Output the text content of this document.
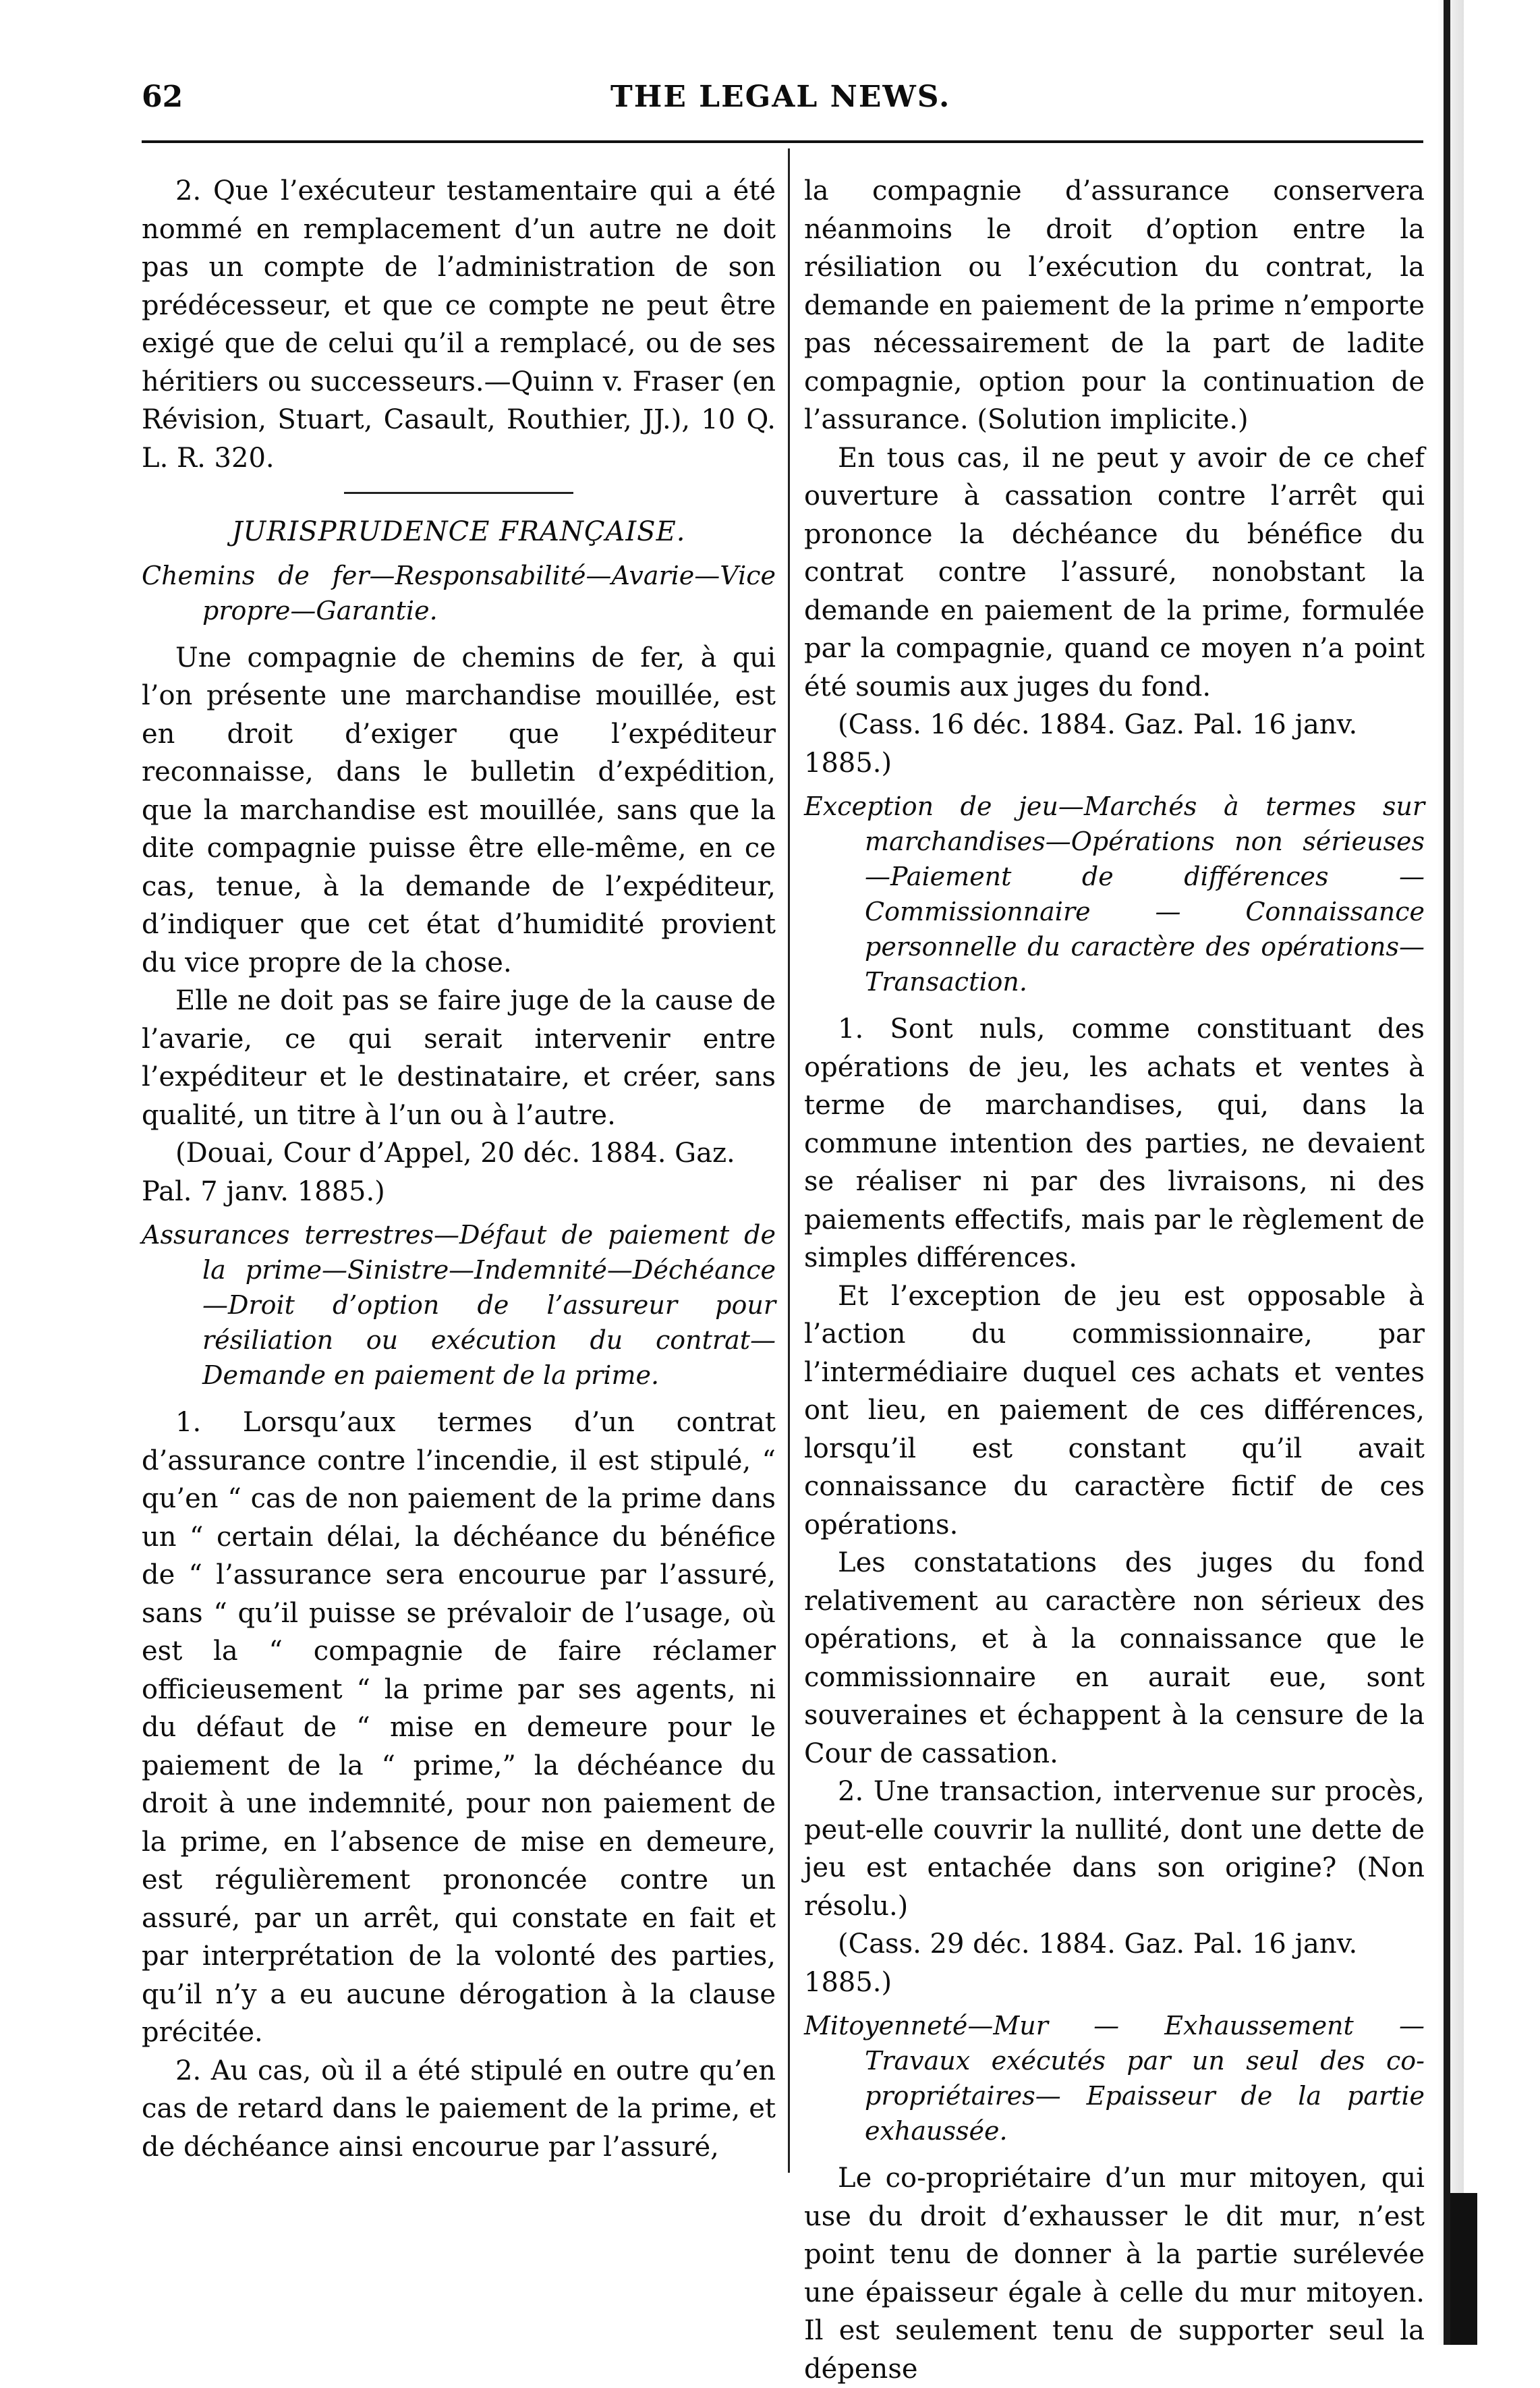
62	THE LEGAL NEWS.

2. Que l’exécuteur testamentaire qui a été nommé en remplacement d’un autre ne doit pas un compte de l’administration de son prédécesseur, et que ce compte ne peut être exigé que de celui qu’il a remplacé, ou de ses héritiers ou successeurs.—Quinn v. Fraser (en Révision, Stuart, Casault, Routhier, JJ.), 10 Q. L. R. 320.

JURISPRUDENCE FRANÇAISE.
Chemins de fer—Responsabilité—Avarie—Vice propre—Garantie.

Une compagnie de chemins de fer, à qui l’on présente une marchandise mouillée, est en droit d’exiger que l’expéditeur reconnaisse, dans le bulletin d’expédition, que la marchandise est mouillée, sans que la dite compagnie puisse être elle-même, en ce cas, tenue, à la demande de l’expéditeur, d’indiquer que cet état d’humidité provient du vice propre de la chose.

Elle ne doit pas se faire juge de la cause de l’avarie, ce qui serait intervenir entre l’expéditeur et le destinataire, et créer, sans qualité, un titre à l’un ou à l’autre.

(Douai, Cour d’Appel, 20 déc. 1884. Gaz. Pal. 7 janv. 1885.)

Assurances terrestres—Défaut de paiement de la prime—Sinistre—Indemnité—Déchéance—Droit d’option de l’assureur pour résiliation ou exécution du contrat—Demande en paiement de la prime.

1. Lorsqu’aux termes d’un contrat d’assurance contre l’incendie, il est stipulé, “ qu’en “ cas de non paiement de la prime dans un “ certain délai, la déchéance du bénéfice de “ l’assurance sera encourue par l’assuré, sans “ qu’il puisse se prévaloir de l’usage, où est la “ compagnie de faire réclamer officieusement “ la prime par ses agents, ni du défaut de “ mise en demeure pour le paiement de la “ prime,” la déchéance du droit à une indemnité, pour non paiement de la prime, en l’absence de mise en demeure, est régulièrement prononcée contre un assuré, par un arrêt, qui constate en fait et par interprétation de la volonté des parties, qu’il n’y a eu aucune dérogation à la clause précitée.

2. Au cas, où il a été stipulé en outre qu’en cas de retard dans le paiement de la prime, et de déchéance ainsi encourue par l’assuré,

la compagnie d’assurance conservera néanmoins le droit d’option entre la résiliation ou l’exécution du contrat, la demande en paiement de la prime n’emporte pas nécessairement de la part de ladite compagnie, option pour la continuation de l’assurance. (Solution implicite.)

En tous cas, il ne peut y avoir de ce chef ouverture à cassation contre l’arrêt qui prononce la déchéance du bénéfice du contrat contre l’assuré, nonobstant la demande en paiement de la prime, formulée par la compagnie, quand ce moyen n’a point été soumis aux juges du fond.

(Cass. 16 déc. 1884. Gaz. Pal. 16 janv. 1885.)

Exception de jeu—Marchés à termes sur marchandises—Opérations non sérieuses—Paiement de différences — Commissionnaire — Connaissance personnelle du caractère des opérations—Transaction.

1. Sont nuls, comme constituant des opérations de jeu, les achats et ventes à terme de marchandises, qui, dans la commune intention des parties, ne devaient se réaliser ni par des livraisons, ni des paiements effectifs, mais par le règlement de simples différences.

Et l’exception de jeu est opposable à l’action du commissionnaire, par l’intermédiaire duquel ces achats et ventes ont lieu, en paiement de ces différences, lorsqu’il est constant qu’il avait connaissance du caractère fictif de ces opérations.

Les constatations des juges du fond relativement au caractère non sérieux des opérations, et à la connaissance que le commissionnaire en aurait eue, sont souveraines et échappent à la censure de la Cour de cassation.

2. Une transaction, intervenue sur procès, peut-elle couvrir la nullité, dont une dette de jeu est entachée dans son origine? (Non résolu.)

(Cass. 29 déc. 1884. Gaz. Pal. 16 janv. 1885.)

Mitoyenneté—Mur — Exhaussement — Travaux exécutés par un seul des co-propriétaires— Epaisseur de la partie exhaussée.

Le co-propriétaire d’un mur mitoyen, qui use du droit d’exhausser le dit mur, n’est point tenu de donner à la partie surélevée une épaisseur égale à celle du mur mitoyen. Il est seulement tenu de supporter seul la dépense
